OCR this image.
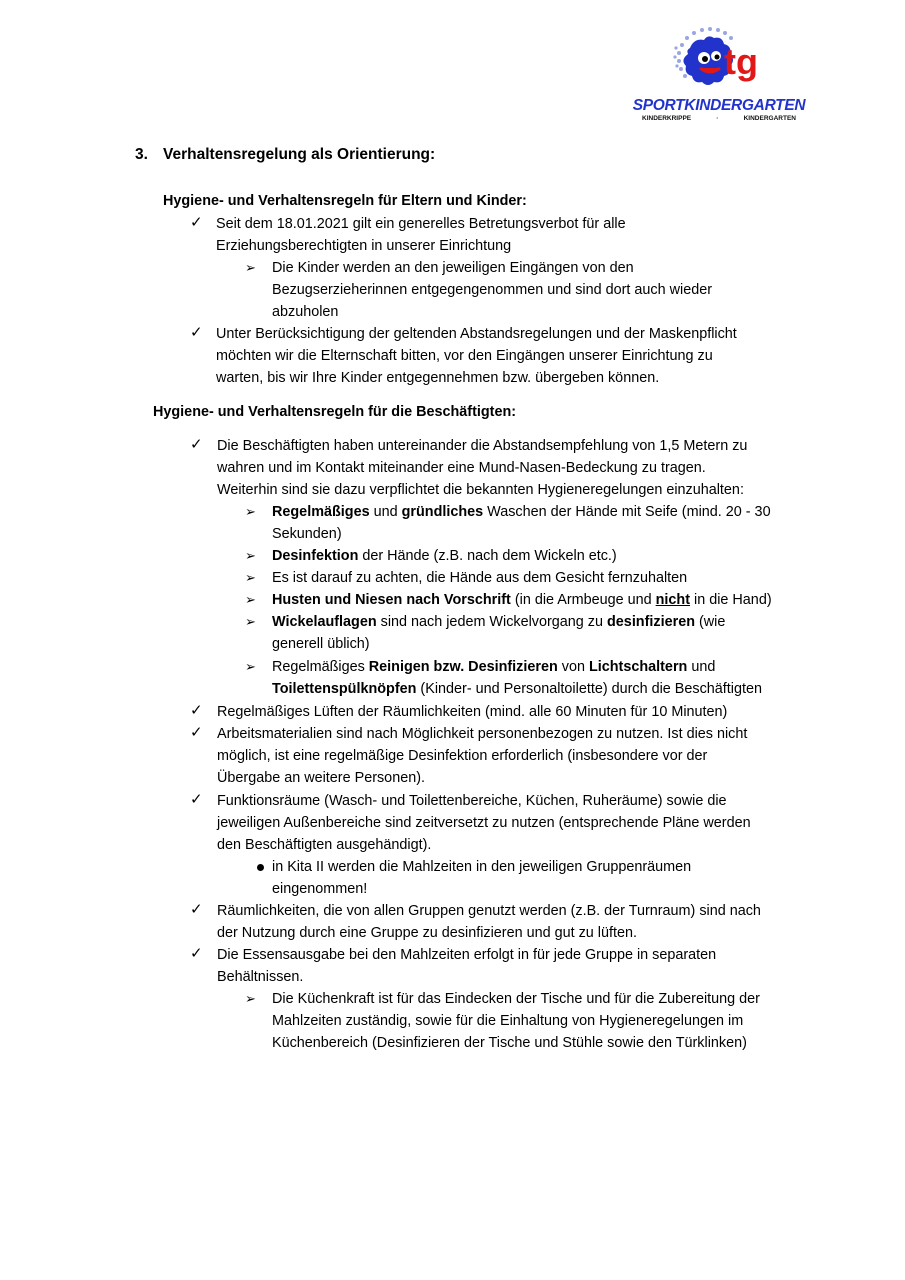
tg
SPORTKINDERGARTEN
KINDERKRIPPE	·	KINDERGARTEN
3. Verhaltensregelung als Orientierung:
Hygiene- und Verhaltensregeln für Eltern und Kinder:
✓ Seit dem 18.01.2021 gilt ein generelles Betretungsverbot für alle
Erziehungsberechtigten in unserer Einrichtung
➢ Die Kinder werden an den jeweiligen Eingängen von den
Bezugserzieherinnen entgegengenommen und sind dort auch wieder
abzuholen
✓ Unter Berücksichtigung der geltenden Abstandsregelungen und der Maskenpflicht
möchten wir die Elternschaft bitten, vor den Eingängen unserer Einrichtung zu
warten, bis wir Ihre Kinder entgegennehmen bzw. übergeben können.
Hygiene- und Verhaltensregeln für die Beschäftigten:
✓ Die Beschäftigten haben untereinander die Abstandsempfehlung von 1,5 Metern zu
wahren und im Kontakt miteinander eine Mund-Nasen-Bedeckung zu tragen.
Weiterhin sind sie dazu verpflichtet die bekannten Hygieneregelungen einzuhalten:
➢ Regelmäßiges und gründliches Waschen der Hände mit Seife (mind. 20 - 30
Sekunden)
➢ Desinfektion der Hände (z.B. nach dem Wickeln etc.)
➢ Es ist darauf zu achten, die Hände aus dem Gesicht fernzuhalten
➢ Husten und Niesen nach Vorschrift (in die Armbeuge und nicht in die Hand)
➢ Wickelauflagen sind nach jedem Wickelvorgang zu desinfizieren (wie
generell üblich)
➢ Regelmäßiges Reinigen bzw. Desinfizieren von Lichtschaltern und
Toilettenspülknöpfen (Kinder- und Personaltoilette) durch die Beschäftigten
✓ Regelmäßiges Lüften der Räumlichkeiten (mind. alle 60 Minuten für 10 Minuten)
✓ Arbeitsmaterialien sind nach Möglichkeit personenbezogen zu nutzen. Ist dies nicht
möglich, ist eine regelmäßige Desinfektion erforderlich (insbesondere vor der
Übergabe an weitere Personen).
✓ Funktionsräume (Wasch- und Toilettenbereiche, Küchen, Ruheräume) sowie die
jeweiligen Außenbereiche sind zeitversetzt zu nutzen (entsprechende Pläne werden
den Beschäftigten ausgehändigt).
in Kita II werden die Mahlzeiten in den jeweiligen Gruppenräumen
eingenommen!
✓ Räumlichkeiten, die von allen Gruppen genutzt werden (z.B. der Turnraum) sind nach
der Nutzung durch eine Gruppe zu desinfizieren und gut zu lüften.
✓ Die Essensausgabe bei den Mahlzeiten erfolgt in für jede Gruppe in separaten
Behältnissen.
➢ Die Küchenkraft ist für das Eindecken der Tische und für die Zubereitung der
Mahlzeiten zuständig, sowie für die Einhaltung von Hygieneregelungen im
Küchenbereich (Desinfizieren der Tische und Stühle sowie den Türklinken)
